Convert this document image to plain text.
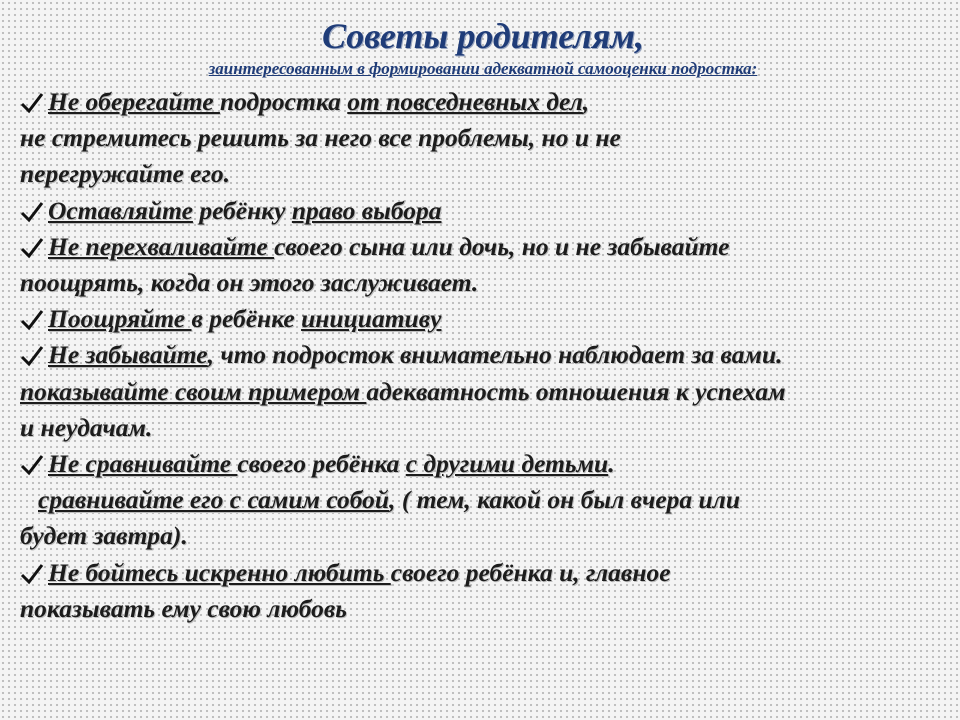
Советы родителям,

заинтересованным в формировании адекватной самооценки подростка:

Не оберегайте подростка от повседневных дел,
не стремитесь решить за него все проблемы, но и не
перегружайте его.
Оставляйте ребёнку право выбора
Не перехваливайте своего сына или дочь, но и не забывайте
поощрять, когда он этого заслуживает.
Поощряйте в ребёнке инициативу
Не забывайте, что подросток внимательно наблюдает за вами.
показывайте своим примером адекватность отношения к успехам
и неудачам.
Не сравнивайте своего ребёнка с другими детьми.
сравнивайте его с самим собой, ( тем, какой он был вчера или
будет завтра).
Не бойтесь искренно любить своего ребёнка и, главное
показывать ему свою любовь
